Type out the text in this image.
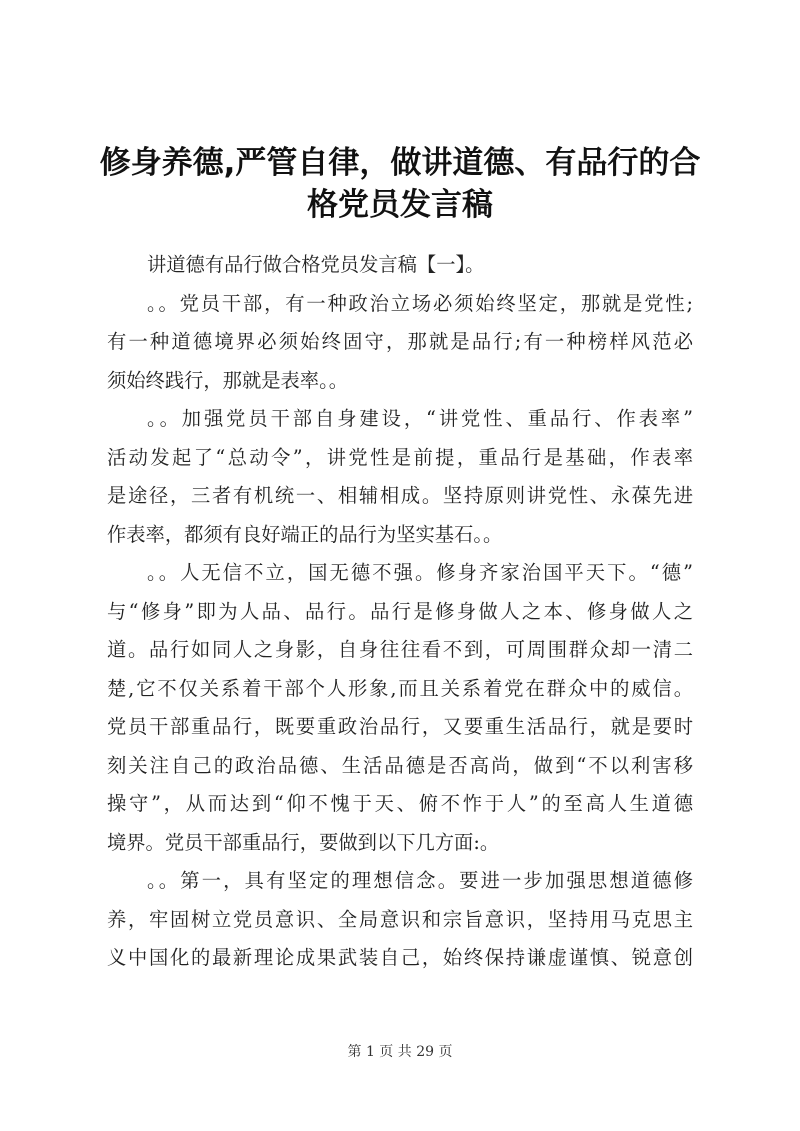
修身养德,严管自律，做讲道德、有品行的合
格党员发言稿
讲道德有品行做合格党员发言稿【一】。
。。党员干部，有一种政治立场必须始终坚定，那就是党性;
有一种道德境界必须始终固守，那就是品行;有一种榜样风范必
须始终践行，那就是表率。。
。。加强党员干部自身建设，“讲党性、重品行、作表率”
活动发起了“总动令”，讲党性是前提，重品行是基础，作表率
是途径，三者有机统一、相辅相成。坚持原则讲党性、永葆先进
作表率，都须有良好端正的品行为坚实基石。。
。。人无信不立，国无德不强。修身齐家治国平天下。“德”
与“修身”即为人品、品行。品行是修身做人之本、修身做人之
道。品行如同人之身影，自身往往看不到，可周围群众却一清二
楚,它不仅关系着干部个人形象,而且关系着党在群众中的威信。
党员干部重品行，既要重政治品行，又要重生活品行，就是要时
刻关注自己的政治品德、生活品德是否高尚，做到“不以利害移
操守”，从而达到“仰不愧于天、俯不怍于人”的至高人生道德
境界。党员干部重品行，要做到以下几方面:。
。。第一，具有坚定的理想信念。要进一步加强思想道德修
养，牢固树立党员意识、全局意识和宗旨意识，坚持用马克思主
义中国化的最新理论成果武装自己，始终保持谦虚谨慎、锐意创
第 1 页 共 29 页
